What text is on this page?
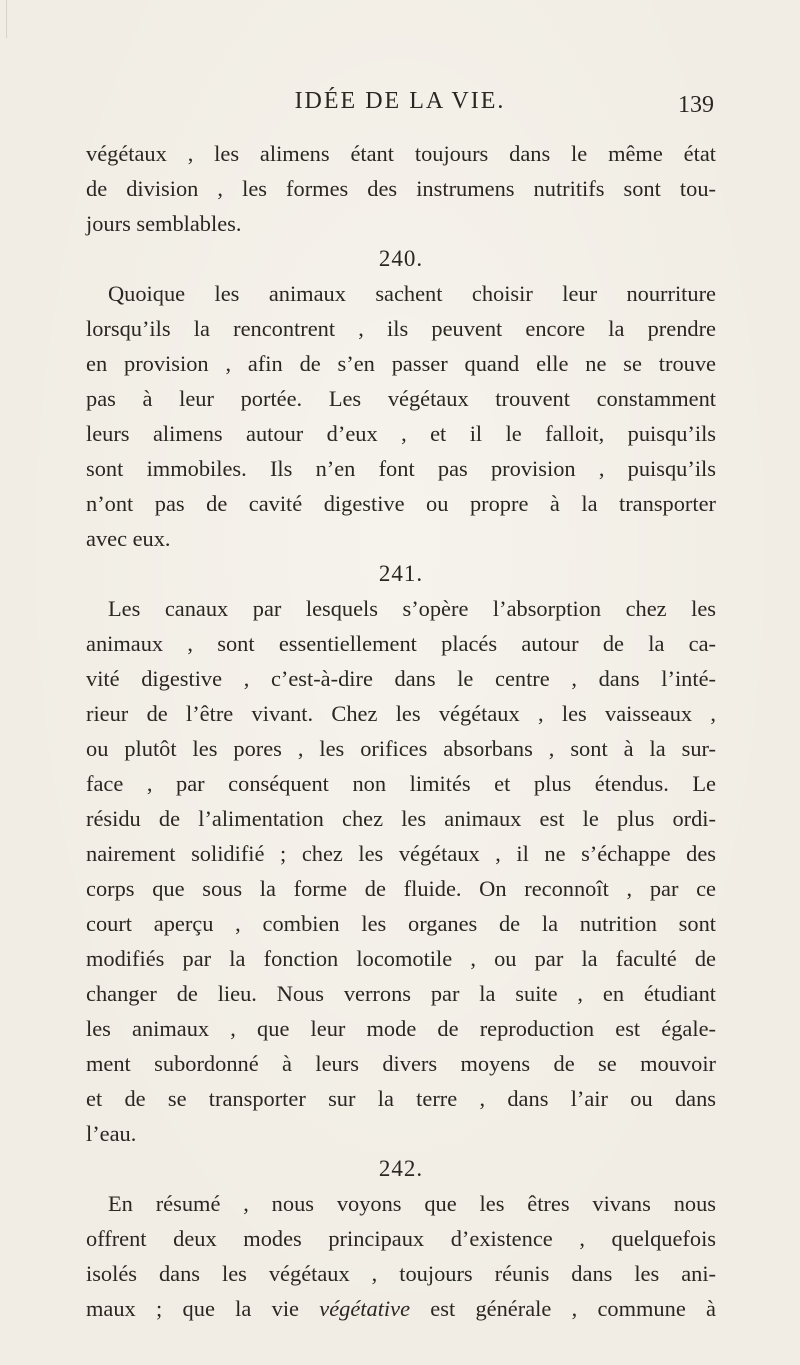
IDÉE DE LA VIE.	139
végétaux , les alimens étant toujours dans le même état
de division , les formes des instrumens nutritifs sont tou-
jours semblables.
240.
Quoique les animaux sachent choisir leur nourriture
lorsqu’ils la rencontrent , ils peuvent encore la prendre
en provision , afin de s’en passer quand elle ne se trouve
pas à leur portée. Les végétaux trouvent constamment
leurs alimens autour d’eux , et il le falloit, puisqu’ils
sont immobiles. Ils n’en font pas provision , puisqu’ils
n’ont pas de cavité digestive ou propre à la transporter
avec eux.
241.
Les canaux par lesquels s’opère l’absorption chez les
animaux , sont essentiellement placés autour de la ca-
vité digestive , c’est-à-dire dans le centre , dans l’inté-
rieur de l’être vivant. Chez les végétaux , les vaisseaux ,
ou plutôt les pores , les orifices absorbans , sont à la sur-
face , par conséquent non limités et plus étendus. Le
résidu de l’alimentation chez les animaux est le plus ordi-
nairement solidifié ; chez les végétaux , il ne s’échappe des
corps que sous la forme de fluide. On reconnoît , par ce
court aperçu , combien les organes de la nutrition sont
modifiés par la fonction locomotile , ou par la faculté de
changer de lieu. Nous verrons par la suite , en étudiant
les animaux , que leur mode de reproduction est égale-
ment subordonné à leurs divers moyens de se mouvoir
et de se transporter sur la terre , dans l’air ou dans
l’eau.
242.
En résumé , nous voyons que les êtres vivans nous
offrent deux modes principaux d’existence , quelquefois
isolés dans les végétaux , toujours réunis dans les ani-
maux ; que la vie végétative est générale , commune à
